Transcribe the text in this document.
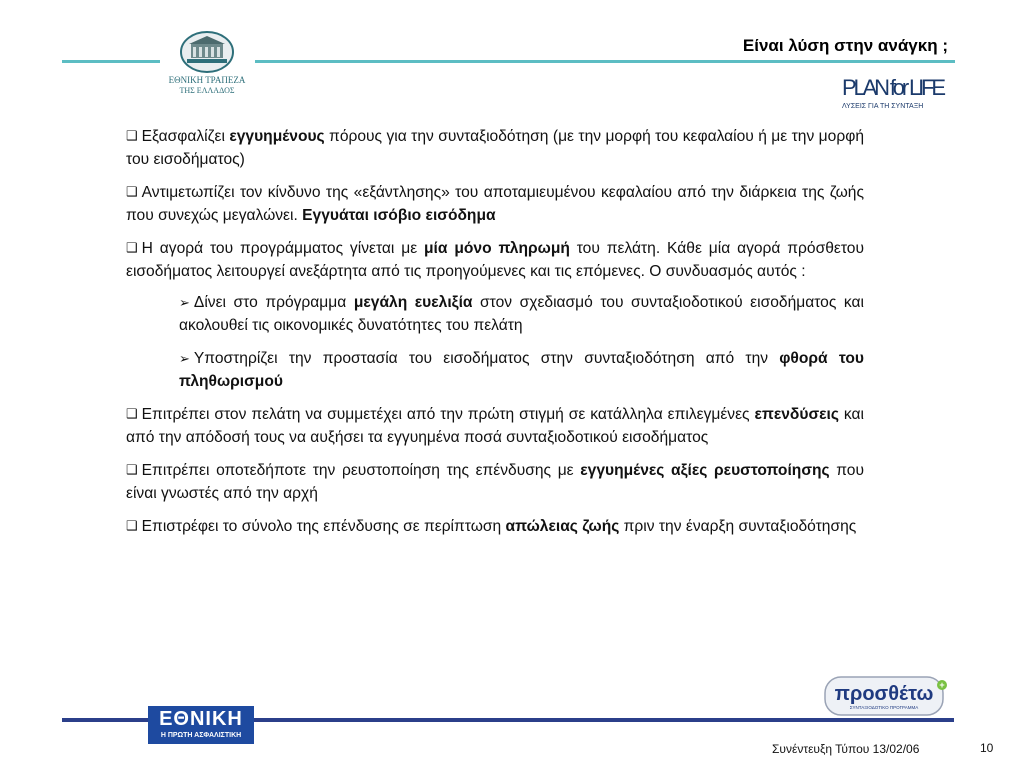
ΕΘΝΙΚΗ ΤΡΑΠΕΖΑ
ΤΗΣ ΕΛΛΑΔΟΣ
Είναι λύση στην ανάγκη ;
PLAN for LIFE
ΛΥΣΕΙΣ ΓΙΑ ΤΗ ΣΥΝΤΑΞΗ

❑ Εξασφαλίζει εγγυημένους πόρους για την συνταξιοδότηση (με την μορφή του κεφαλαίου ή με την μορφή του εισοδήματος)

❑ Αντιμετωπίζει τον κίνδυνο της «εξάντλησης» του αποταμιευμένου κεφαλαίου από την διάρκεια της ζωής που συνεχώς μεγαλώνει. Εγγυάται ισόβιο εισόδημα

❑ Η αγορά του προγράμματος γίνεται με μία μόνο πληρωμή του πελάτη. Κάθε μία αγορά πρόσθετου εισοδήματος λειτουργεί ανεξάρτητα από τις προηγούμενες και τις επόμενες. Ο συνδυασμός αυτός :

➢ Δίνει στο πρόγραμμα μεγάλη ευελιξία στον σχεδιασμό του συνταξιοδοτικού εισοδήματος και ακολουθεί τις οικονομικές δυνατότητες του πελάτη

➢ Υποστηρίζει την προστασία του εισοδήματος στην συνταξιοδότηση από την φθορά του πληθωρισμού

❑ Επιτρέπει στον πελάτη να συμμετέχει από την πρώτη στιγμή σε κατάλληλα επιλεγμένες επενδύσεις και από την απόδοσή τους να αυξήσει τα εγγυημένα ποσά συνταξιοδοτικού εισοδήματος

❑ Επιτρέπει οποτεδήποτε την ρευστοποίηση της επένδυσης με εγγυημένες αξίες ρευστοποίησης που είναι γνωστές από την αρχή

❑ Επιστρέφει το σύνολο της επένδυσης σε περίπτωση απώλειας ζωής πριν την έναρξη συνταξιοδότησης

προσθέτω
ΣΥΝΤΑΞΙΟΔΟΤΙΚΟ ΠΡΟΓΡΑΜΜΑ
+
ΕΘΝΙΚΗ
Η ΠΡΩΤΗ ΑΣΦΑΛΙΣΤΙΚΗ
Συνέντευξη Τύπου 13/02/06	10
